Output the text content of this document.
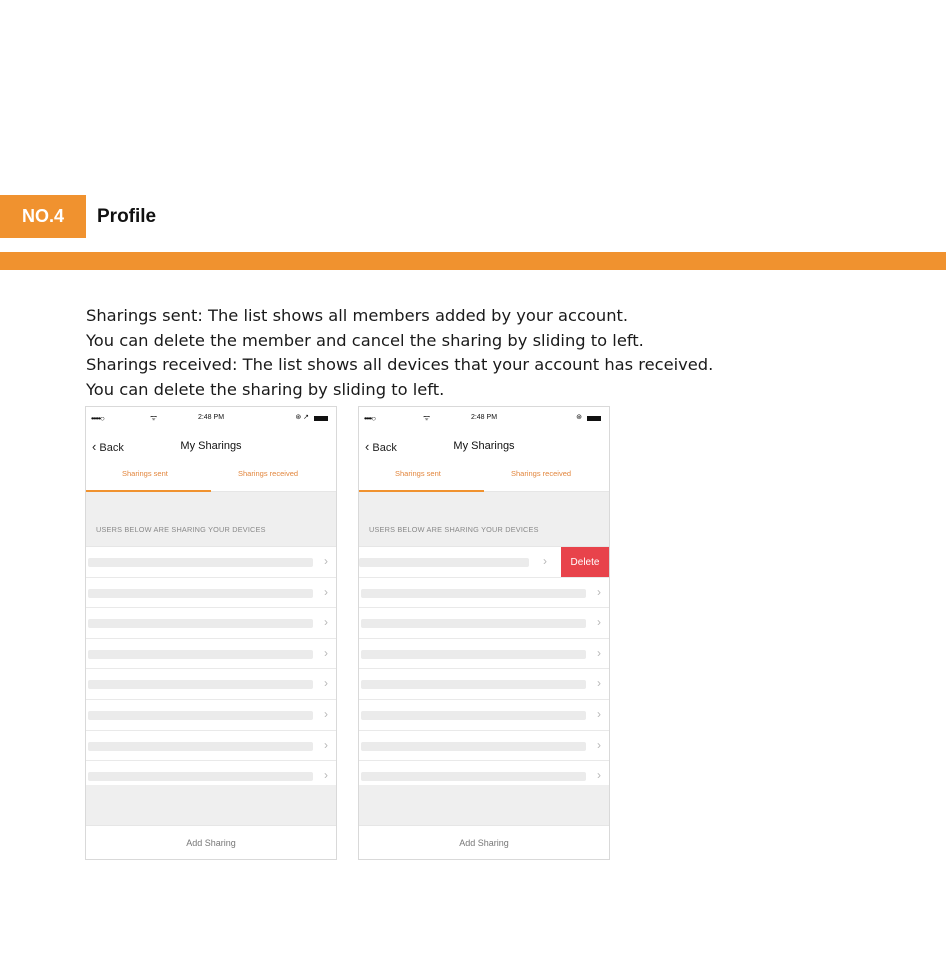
NO.4	Profile
Sharings sent: The list shows all members added by your account.
You can delete the member and cancel the sharing by sliding to left.
Sharings received: The list shows all devices that your account has received.
You can delete the sharing by sliding to left.
•••••○	ᯤ	2:48 PM	⊛ ↗
‹ Back	My Sharings
Sharings sent	Sharings received
USERS BELOW ARE SHARING YOUR DEVICES
›
›
›
›
›
›
›
›
Add Sharing
••••○	ᯤ	2:48 PM	⊛
‹ Back	My Sharings
Sharings sent	Sharings received
USERS BELOW ARE SHARING YOUR DEVICES
›	Delete
›
›
›
›
›
›
›
Add Sharing
